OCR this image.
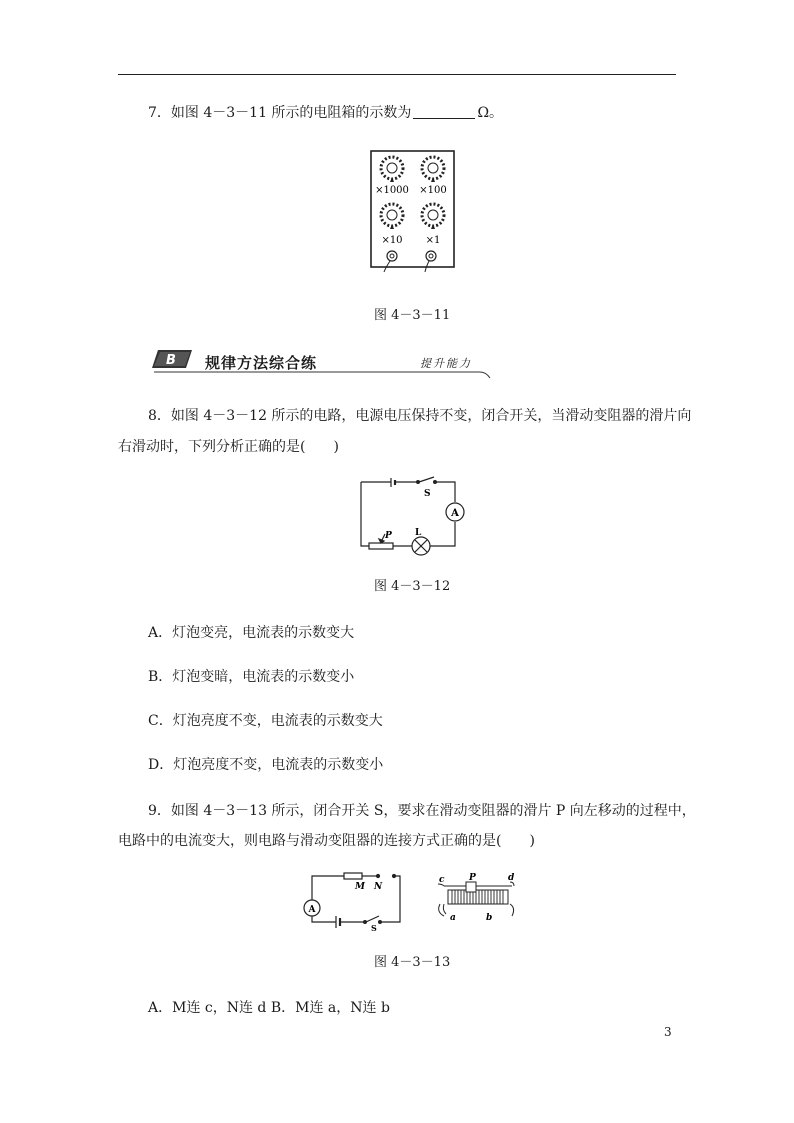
7．如图 4－3－11 所示的电阻箱的示数为	Ω。
×1000 ×100
×10 ×1
图 4－3－11
B 规律方法综合练	提升能力
8．如图 4－3－12 所示的电路，电源电压保持不变，闭合开关，当滑动变阻器的滑片向
右滑动时，下列分析正确的是(　　)
A
S
L
P
图 4－3－12
A．灯泡变亮，电流表的示数变大
B．灯泡变暗，电流表的示数变小
C．灯泡亮度不变，电流表的示数变大
D．灯泡亮度不变，电流表的示数变小
9．如图 4－3－13 所示，闭合开关 S，要求在滑动变阻器的滑片 P 向左移动的过程中，
电路中的电流变大，则电路与滑动变阻器的连接方式正确的是(　　)
A
M N
S
c	P	d
a	b
图 4－3－13
A．M连 c，N连 d B．M连 a，N连 b
3
